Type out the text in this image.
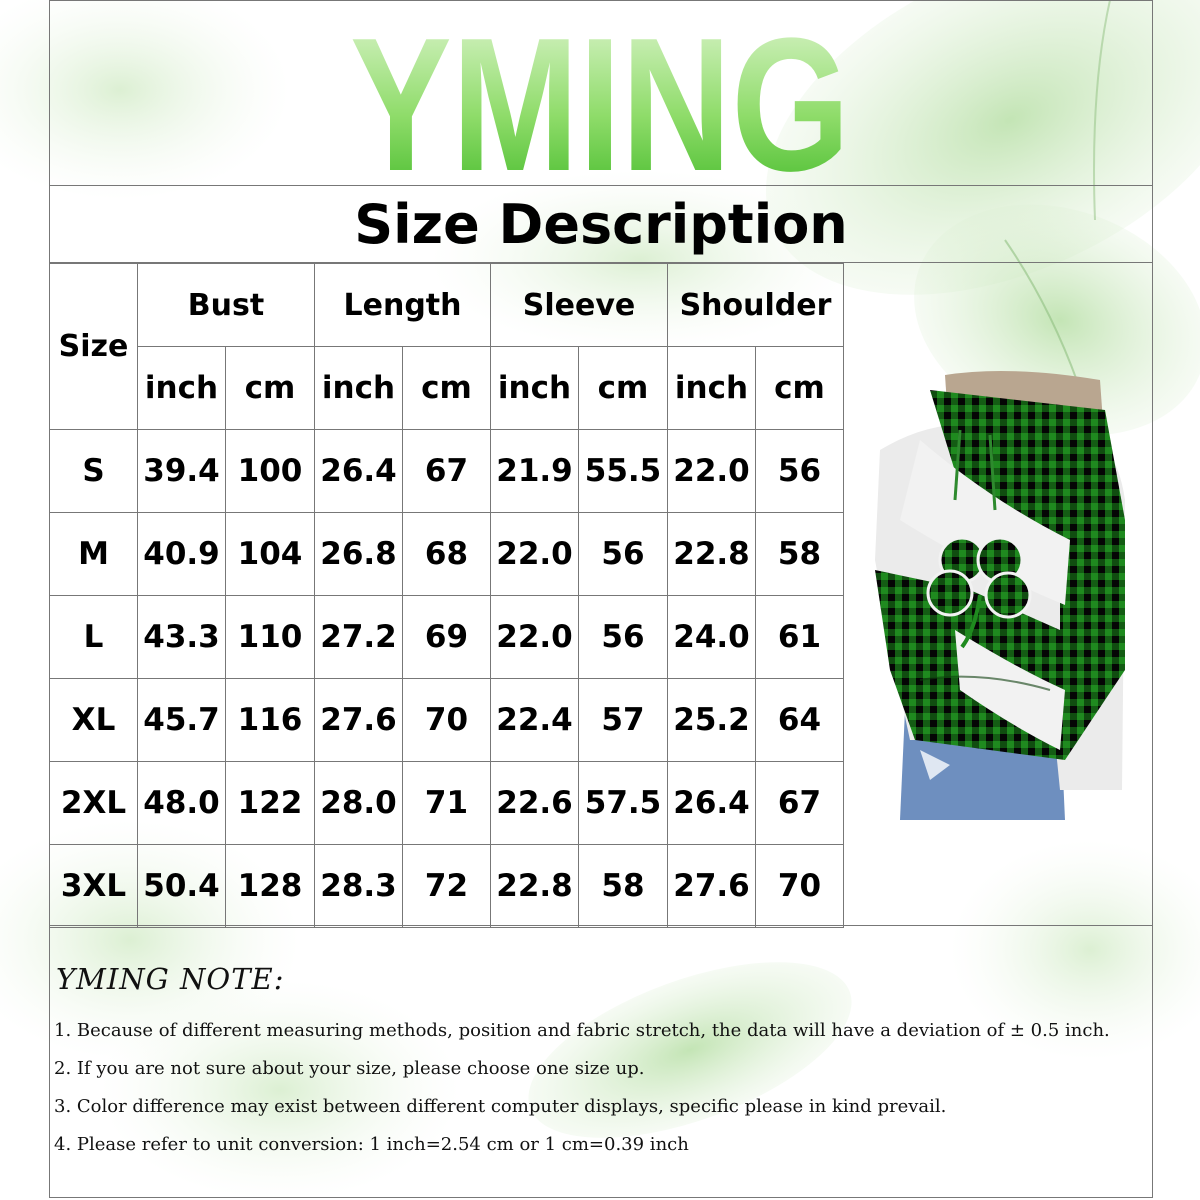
YMING
Size Description
Size	Bust		Length		Sleeve		Shoulder	
	inch	cm	inch	cm	inch	cm	inch	cm
S	39.4	100	26.4	67	21.9	55.5	22.0	56
M	40.9	104	26.8	68	22.0	56	22.8	58
L	43.3	110	27.2	69	22.0	56	24.0	61
XL	45.7	116	27.6	70	22.4	57	25.2	64
2XL	48.0	122	28.0	71	22.6	57.5	26.4	67
3XL	50.4	128	28.3	72	22.8	58	27.6	70
YMING NOTE:
1. Because of different measuring methods, position and fabric stretch, the data will have a deviation of ± 0.5 inch.
2. If you are not sure about your size, please choose one size up.
3. Color difference may exist between different computer displays, specific please in kind prevail.
4. Please refer to unit conversion: 1 inch=2.54 cm or 1 cm=0.39 inch
